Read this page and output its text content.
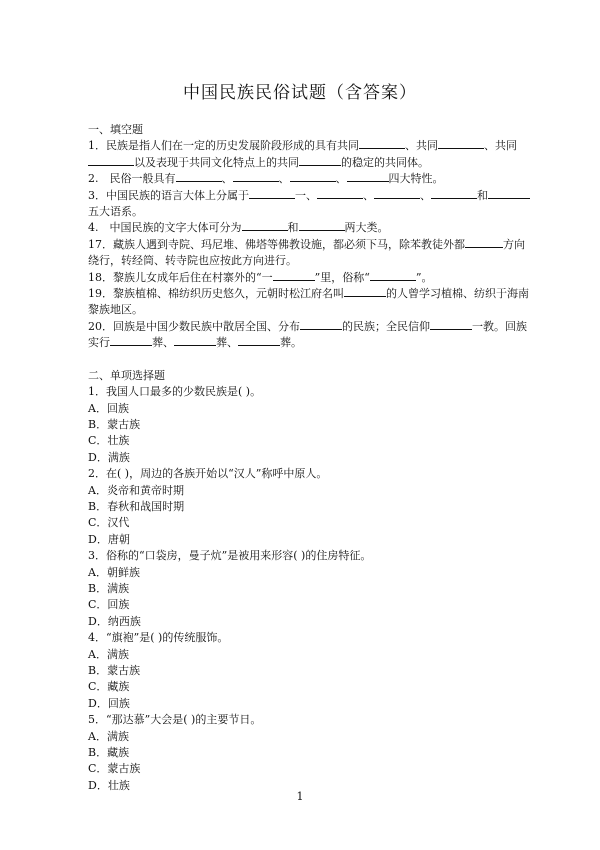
中国民族民俗试题（含答案）
一、填空题
1．民族是指人们在一定的历史发展阶段形成的具有共同	、共同	、共同
以及表现于共同文化特点上的共同	的稳定的共同体。
2.　民俗一般具有	、	、	、	四大特性。
3．中国民族的语言大体上分属于	一、	、	、	和
五大语系。
4.　中国民族的文字大体可分为	和	两大类。
17．藏族人遇到寺院、玛尼堆、佛塔等佛教设施，都必须下马，除苯教徒外都	方向
绕行，转经筒、转寺院也应按此方向进行。
18．黎族儿女成年后住在村寨外的“一	”里，俗称“	”。
19．黎族植棉、棉纺织历史悠久，元朝时松江府名叫	的人曾学习植棉、纺织于海南
黎族地区。
20．回族是中国少数民族中散居全国、分布	的民族；全民信仰	一教。回族
实行	葬、	葬、	葬。
二、单项选择题
1．我国人口最多的少数民族是( )。
A．回族
B．蒙古族
C．壮族
D．满族
2．在( )，周边的各族开始以“汉人”称呼中原人。
A．炎帝和黄帝时期
B．春秋和战国时期
C．汉代
D．唐朝
3．俗称的“口袋房，曼子炕”是被用来形容( )的住房特征。
A．朝鲜族
B．满族
C．回族
D．纳西族
4．“旗袍”是( )的传统服饰。
A．满族
B．蒙古族
C．藏族
D．回族
5．“那达慕”大会是( )的主要节日。
A．满族
B．藏族
C．蒙古族
D．壮族
1
